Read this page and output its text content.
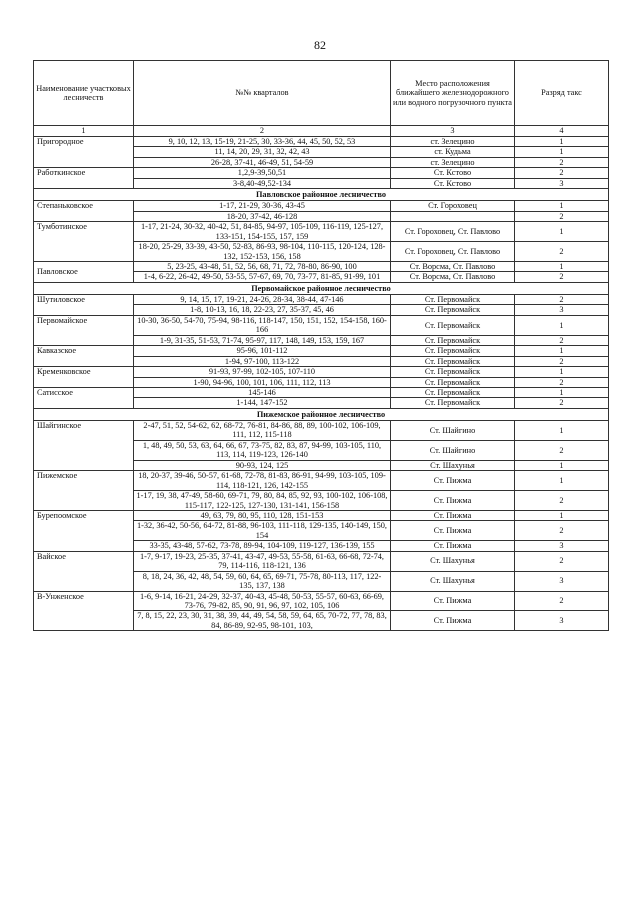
82
Наименование участковых лесничеств	№№ кварталов	Место расположения ближайшего железнодорожного или водного погрузочного пункта	Разряд такс
1	2	3	4
Пригородное	9, 10, 12, 13, 15-19, 21-25, 30, 33-36, 44, 45, 50, 52, 53	ст. Зелецино	1
	11, 14, 20, 29, 31, 32, 42, 43	ст. Кудьма	1
	26-28, 37-41, 46-49, 51, 54-59	ст. Зелецино	2
Работкинское	1,2,9-39,50,51	Ст. Кстово	2
	3-8,40-49,52-134	Ст. Кстово	3
Павловское районное лесничество			
Степаньковское	1-17, 21-29, 30-36, 43-45	Ст. Гороховец	1
	18-20, 37-42, 46-128		2
Тумботинское	1-17, 21-24, 30-32, 40-42, 51, 84-85, 94-97, 105-109, 116-119, 125-127, 133-151, 154-155, 157, 159	Ст. Гороховец, Ст. Павлово	1
	18-20, 25-29, 33-39, 43-50, 52-83, 86-93, 98-104, 110-115, 120-124, 128-132, 152-153, 156, 158	Ст. Гороховец, Ст. Павлово	2
Павловское	5, 23-25, 43-48, 51, 52, 56, 68, 71, 72, 78-80, 86-90, 100	Ст. Ворсма, Ст. Павлово	1
	1-4, 6-22, 26-42, 49-50, 53-55, 57-67, 69, 70, 73-77, 81-85, 91-99, 101	Ст. Ворсма, Ст. Павлово	2
Первомайское районное лесничество			
Шутиловское	9, 14, 15, 17, 19-21, 24-26, 28-34, 38-44, 47-146	Ст. Первомайск	2
	1-8, 10-13, 16, 18, 22-23, 27, 35-37, 45, 46	Ст. Первомайск	3
Первомайское	10-30, 36-50, 54-70, 75-94, 98-116, 118-147, 150, 151, 152, 154-158, 160-166	Ст. Первомайск	1
	1-9, 31-35, 51-53, 71-74, 95-97, 117, 148, 149, 153, 159, 167	Ст. Первомайск	2
Кавказское	95-96, 101-112	Ст. Первомайск	1
	1-94, 97-100, 113-122	Ст. Первомайск	2
Кременковское	91-93, 97-99, 102-105, 107-110	Ст. Первомайск	1
	1-90, 94-96, 100, 101, 106, 111, 112, 113	Ст. Первомайск	2
Сатисское	145-146	Ст. Первомайск	1
	1-144, 147-152	Ст. Первомайск	2
Пижемское районное лесничество			
Шайгинское	2-47, 51, 52, 54-62, 62, 68-72, 76-81, 84-86, 88, 89, 100-102, 106-109, 111, 112, 115-118	Ст. Шайгино	1
	1, 48, 49, 50, 53, 63, 64, 66, 67, 73-75, 82, 83, 87, 94-99, 103-105, 110, 113, 114, 119-123, 126-140	Ст. Шайгино	2
	90-93, 124, 125	Ст. Шахунья	1
Пижемское	18, 20-37, 39-46, 50-57, 61-68, 72-78, 81-83, 86-91, 94-99, 103-105, 109-114, 118-121, 126, 142-155	Ст. Пижма	1
	1-17, 19, 38, 47-49, 58-60, 69-71, 79, 80, 84, 85, 92, 93, 100-102, 106-108, 115-117, 122-125, 127-130, 131-141, 156-158	Ст. Пижма	2
Бурепоомское	49, 63, 79, 80, 95, 110, 128, 151-153	Ст. Пижма	1
	1-32, 36-42, 50-56, 64-72, 81-88, 96-103, 111-118, 129-135, 140-149, 150, 154	Ст. Пижма	2
	33-35, 43-48, 57-62, 73-78, 89-94, 104-109, 119-127, 136-139, 155	Ст. Пижма	3
Вайское	1-7, 9-17, 19-23, 25-35, 37-41, 43-47, 49-53, 55-58, 61-63, 66-68, 72-74, 79, 114-116, 118-121, 136	Ст. Шахунья	2
	8, 18, 24, 36, 42, 48, 54, 59, 60, 64, 65, 69-71, 75-78, 80-113, 117, 122-135, 137, 138	Ст. Шахунья	3
В-Унженское	1-6, 9-14, 16-21, 24-29, 32-37, 40-43, 45-48, 50-53, 55-57, 60-63, 66-69, 73-76, 79-82, 85, 90, 91, 96, 97, 102, 105, 106	Ст. Пижма	2
	7, 8, 15, 22, 23, 30, 31, 38, 39, 44, 49, 54, 58, 59, 64, 65, 70-72, 77, 78, 83, 84, 86-89, 92-95, 98-101, 103,	Ст. Пижма	3
